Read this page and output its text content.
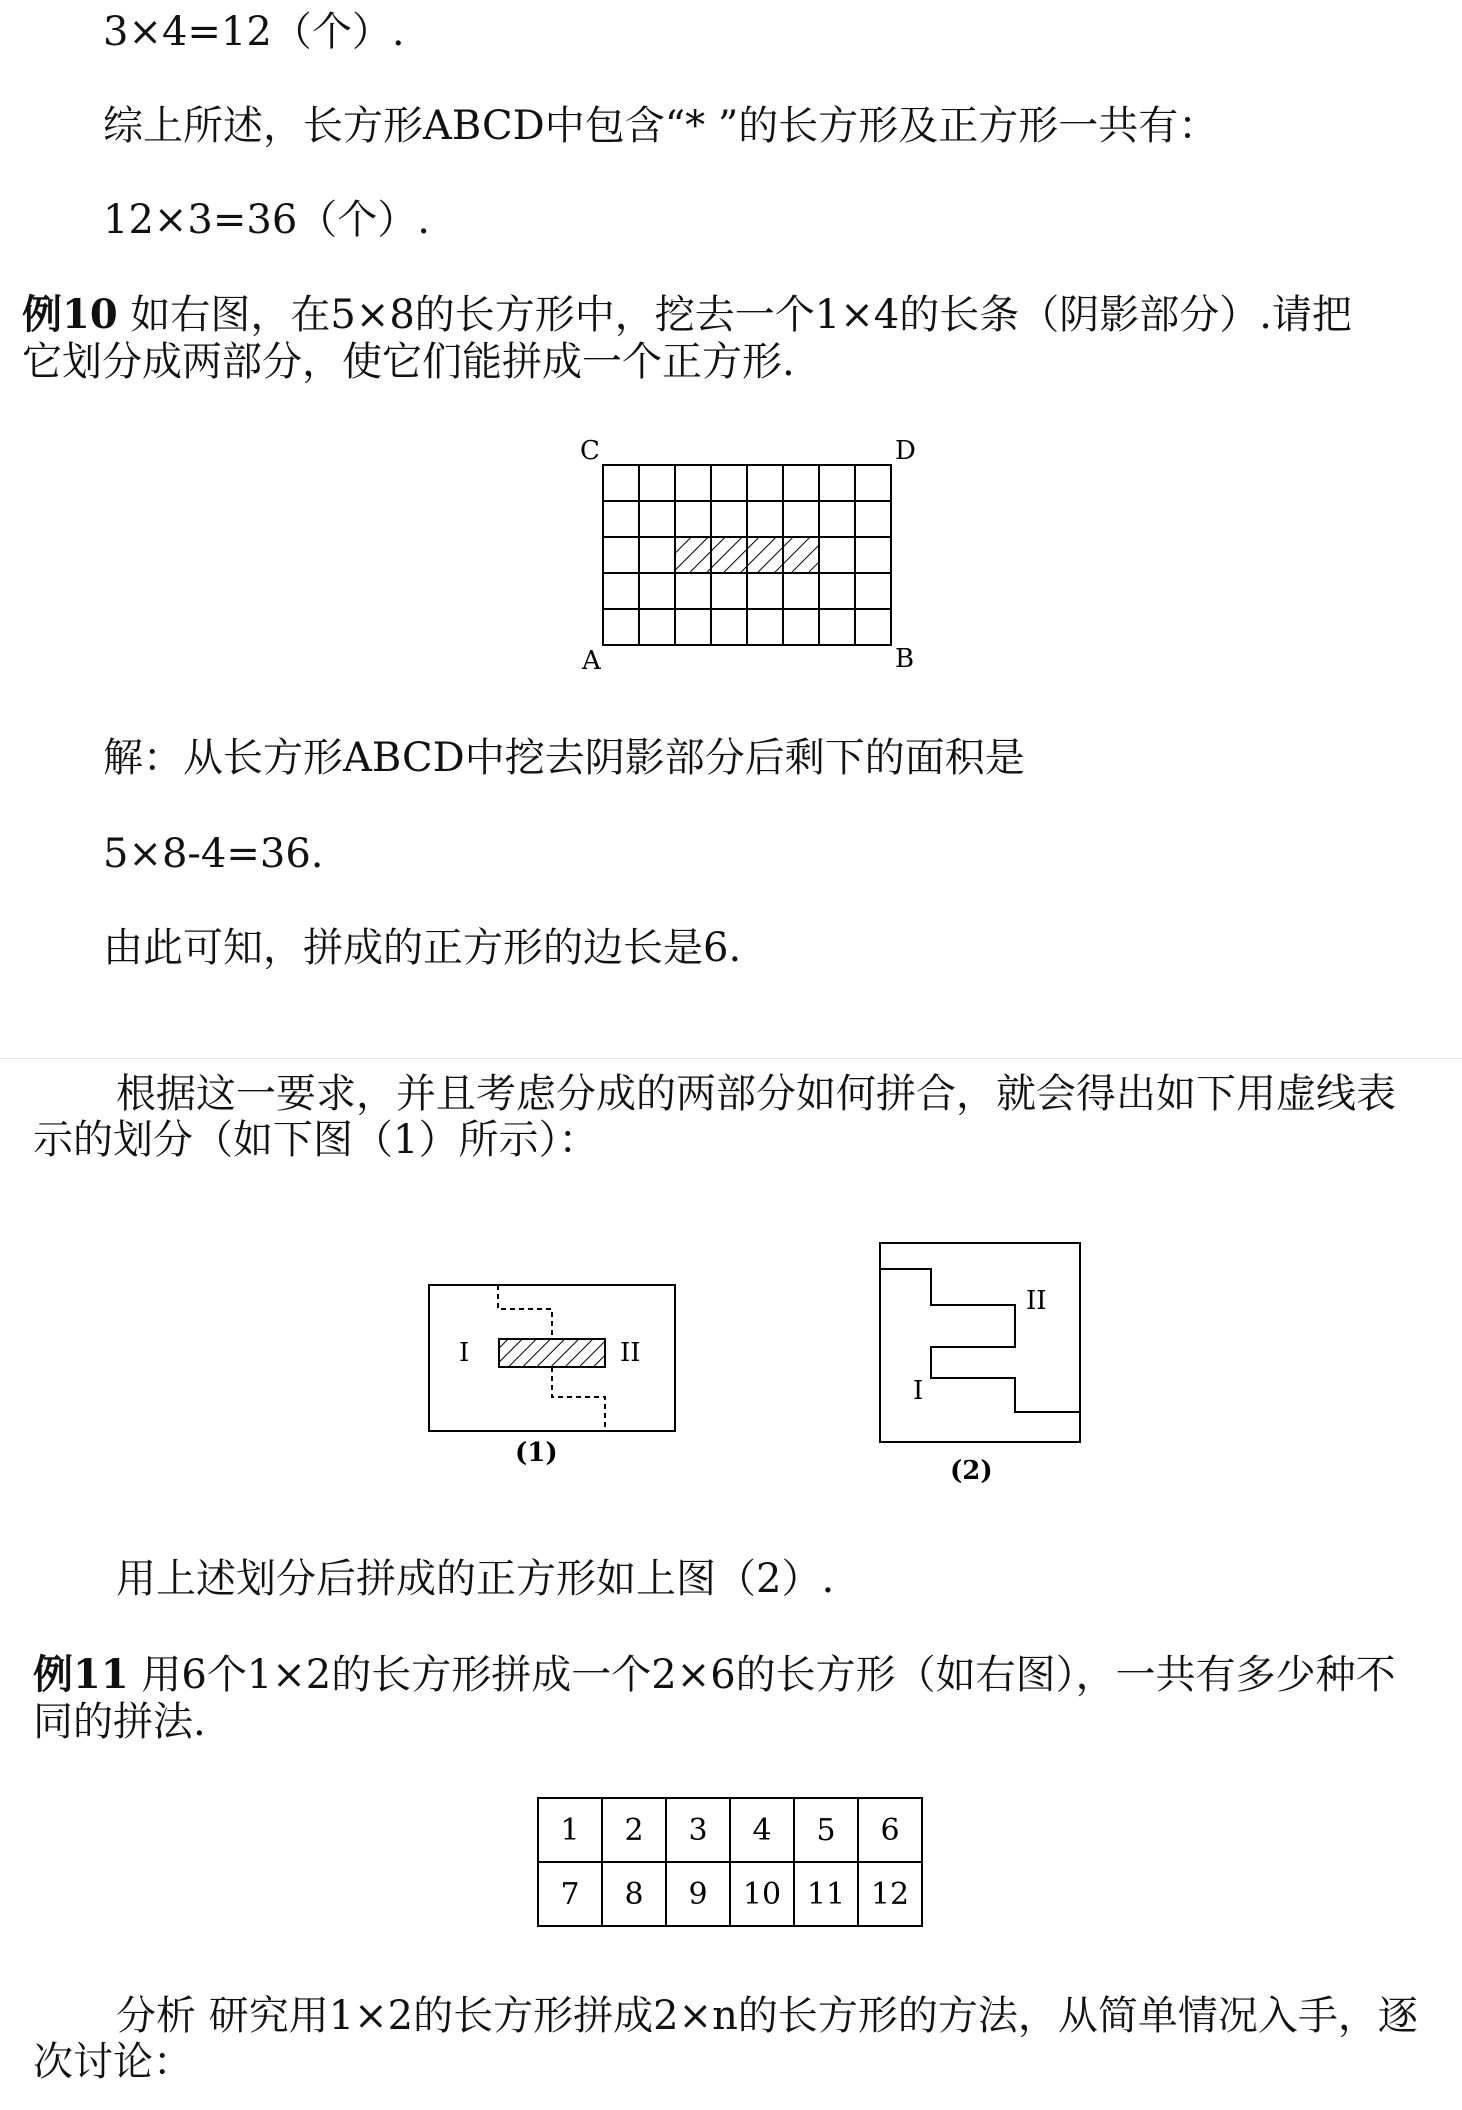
3×4=12（个）.
综上所述，长方形ABCD中包含“* ”的长方形及正方形一共有：
12×3=36（个）.
例10 如右图，在5×8的长方形中，挖去一个1×4的长条（阴影部分）.请把
它划分成两部分，使它们能拼成一个正方形.
C	D
A	B
解：从长方形ABCD中挖去阴影部分后剩下的面积是
5×8-4=36.
由此可知，拼成的正方形的边长是6.
根据这一要求，并且考虑分成的两部分如何拼合，就会得出如下用虚线表
示的划分（如下图（1）所示）：
I	II
(1)
II
I
(2)
用上述划分后拼成的正方形如上图（2）.
例11 用6个1×2的长方形拼成一个2×6的长方形（如右图），一共有多少种不
同的拼法.
1	2	3	4	5	6
7	8	9	10	11	12
分析 研究用1×2的长方形拼成2×n的长方形的方法，从简单情况入手，逐
次讨论：
